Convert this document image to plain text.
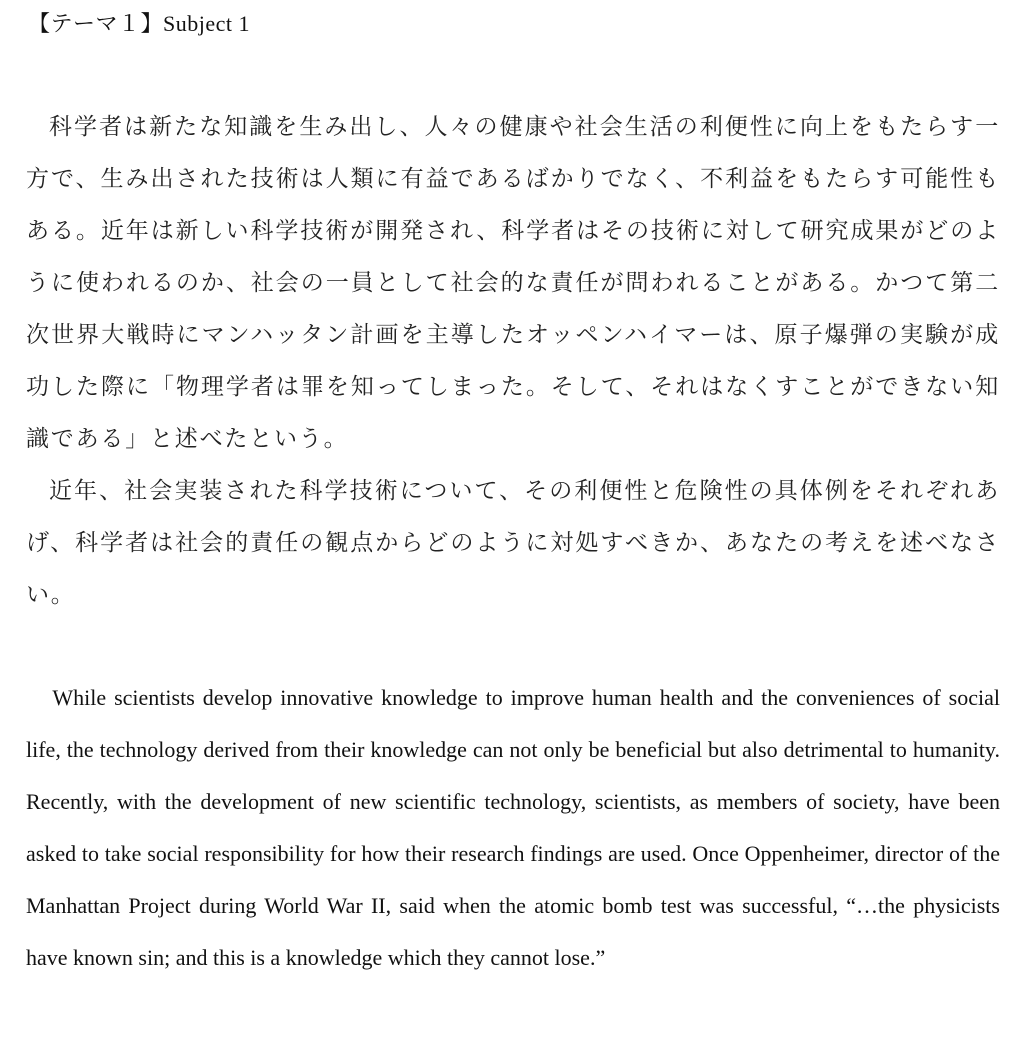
【テーマ１】Subject 1

科学者は新たな知識を生み出し、人々の健康や社会生活の利便性に向上をもたらす一方で、生み出された技術は人類に有益であるばかりでなく、不利益をもたらす可能性もある。近年は新しい科学技術が開発され、科学者はその技術に対して研究成果がどのように使われるのか、社会の一員として社会的な責任が問われることがある。かつて第二次世界大戦時にマンハッタン計画を主導したオッペンハイマーは、原子爆弾の実験が成功した際に「物理学者は罪を知ってしまった。そして、それはなくすことができない知識である」と述べたという。

近年、社会実装された科学技術について、その利便性と危険性の具体例をそれぞれあげ、科学者は社会的責任の観点からどのように対処すべきか、あなたの考えを述べなさい。

While scientists develop innovative knowledge to improve human health and the conveniences of social life, the technology derived from their knowledge can not only be beneficial but also detrimental to humanity. Recently, with the development of new scientific technology, scientists, as members of society, have been asked to take social responsibility for how their research findings are used. Once Oppenheimer, director of the Manhattan Project during World War II, said when the atomic bomb test was successful, “…the physicists have known sin; and this is a knowledge which they cannot lose.”
